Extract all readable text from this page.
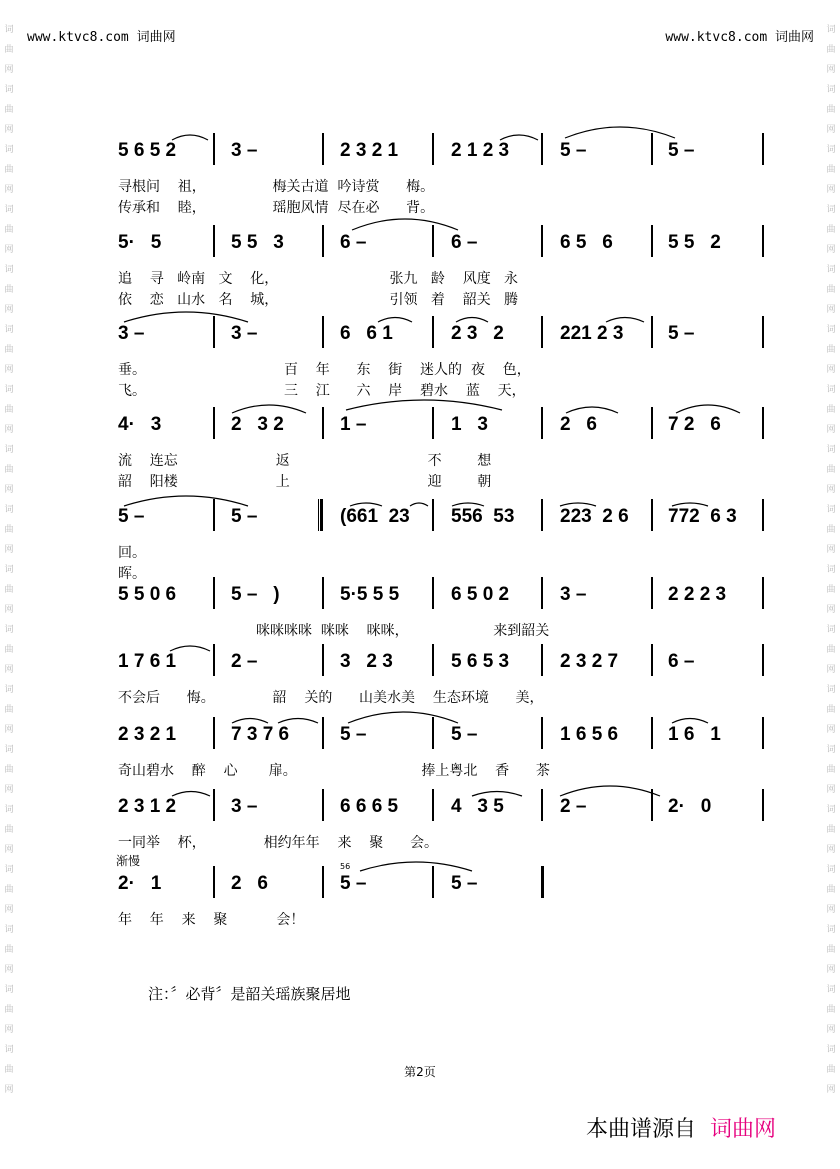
词曲网词曲网词曲网词曲网词曲网词曲网词曲网词曲网词曲网词曲网词曲网词曲网词曲网词曲网词曲网词曲网词曲网词曲网
词曲网词曲网词曲网词曲网词曲网词曲网词曲网词曲网词曲网词曲网词曲网词曲网词曲网词曲网词曲网词曲网词曲网词曲网
www.ktvc8.com 词曲网	www.ktvc8.com 词曲网
5 6 5 2	3 –	2 3 2 1	2 1 2 3	5 –	5 –
寻根问    祖，               梅关古道  吟诗赏      梅。
传承和    睦，               瑶胞风情  尽在必      背。
5·   5	5 5   3	6 –	6 –	6 5   6	5 5   2
追    寻   岭南   文    化，                         张九   龄    风度   永
依    恋   山水   名    城，                         引领   着    韶关   腾
3 –	3 –	6   6 1	2 3   2	221 2 3 5 –
垂。                               百    年      东    街    迷人的  夜    色，
飞。                               三    江      六    岸    碧水    蓝    天，
4·   3	2   3 2	1 –	1   3	2   6	7 2   6
流    连忘                      返                               不        想
韶    阳楼                      上                               迎        朝
5 –	5 –	(661  23 556  53 223  2 6 772  6 3
回。
晖。
5 5 0 6	5 –   )	5·5 5 5	6 5 0 2	3 –	2 2 2 3
咪咪咪咪  咪咪    咪咪，                   来到韶关
1 7 6 1	2 –	3   2 3	5 6 5 3	2 3 2 7	6 –
不会后      悔。             韶    关的      山美水美    生态环境      美，
2 3 2 1	7 3 7 6	5 –	5 –	1 6 5 6	1 6   1
奇山碧水    醉    心       扉。                            捧上粤北    香      茶
2 3 1 2	3 –	6 6 6 5	4   3 5	2 –	2·   0
一同举    杯，             相约年年    来    聚      会。
2·   1	2   6	5 –	5 –
年    年    来    聚           会！
渐慢	56
注：〞必背〞是韶关瑶族聚居地
第2页
本曲谱源自 词曲网
